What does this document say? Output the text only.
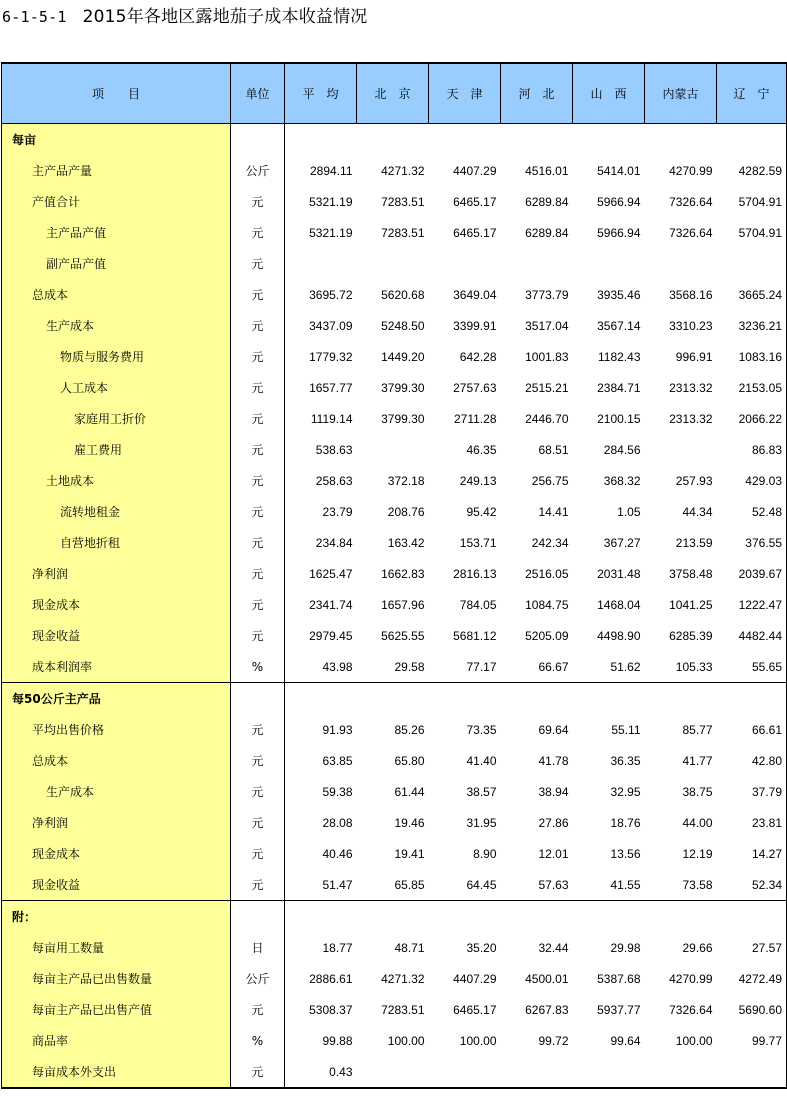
6-1-5-1 2015年各地区露地茄子成本收益情况
项　　目	单位	平　均	北　京	天　津	河　北	山　西	内蒙古	辽　宁
每亩								
主产品产量	公斤	2894.11	4271.32	4407.29	4516.01	5414.01	4270.99	4282.59
产值合计	元	5321.19	7283.51	6465.17	6289.84	5966.94	7326.64	5704.91
主产品产值	元	5321.19	7283.51	6465.17	6289.84	5966.94	7326.64	5704.91
副产品产值	元							
总成本	元	3695.72	5620.68	3649.04	3773.79	3935.46	3568.16	3665.24
生产成本	元	3437.09	5248.50	3399.91	3517.04	3567.14	3310.23	3236.21
物质与服务费用	元	1779.32	1449.20	642.28	1001.83	1182.43	996.91	1083.16
人工成本	元	1657.77	3799.30	2757.63	2515.21	2384.71	2313.32	2153.05
家庭用工折价	元	1119.14	3799.30	2711.28	2446.70	2100.15	2313.32	2066.22
雇工费用	元	538.63		46.35	68.51	284.56		86.83
土地成本	元	258.63	372.18	249.13	256.75	368.32	257.93	429.03
流转地租金	元	23.79	208.76	95.42	14.41	1.05	44.34	52.48
自营地折租	元	234.84	163.42	153.71	242.34	367.27	213.59	376.55
净利润	元	1625.47	1662.83	2816.13	2516.05	2031.48	3758.48	2039.67
现金成本	元	2341.74	1657.96	784.05	1084.75	1468.04	1041.25	1222.47
现金收益	元	2979.45	5625.55	5681.12	5205.09	4498.90	6285.39	4482.44
成本利润率	%	43.98	29.58	77.17	66.67	51.62	105.33	55.65
每50公斤主产品								
平均出售价格	元	91.93	85.26	73.35	69.64	55.11	85.77	66.61
总成本	元	63.85	65.80	41.40	41.78	36.35	41.77	42.80
生产成本	元	59.38	61.44	38.57	38.94	32.95	38.75	37.79
净利润	元	28.08	19.46	31.95	27.86	18.76	44.00	23.81
现金成本	元	40.46	19.41	8.90	12.01	13.56	12.19	14.27
现金收益	元	51.47	65.85	64.45	57.63	41.55	73.58	52.34
附：								
每亩用工数量	日	18.77	48.71	35.20	32.44	29.98	29.66	27.57
每亩主产品已出售数量	公斤	2886.61	4271.32	4407.29	4500.01	5387.68	4270.99	4272.49
每亩主产品已出售产值	元	5308.37	7283.51	6465.17	6267.83	5937.77	7326.64	5690.60
商品率	%	99.88	100.00	100.00	99.72	99.64	100.00	99.77
每亩成本外支出	元	0.43						
